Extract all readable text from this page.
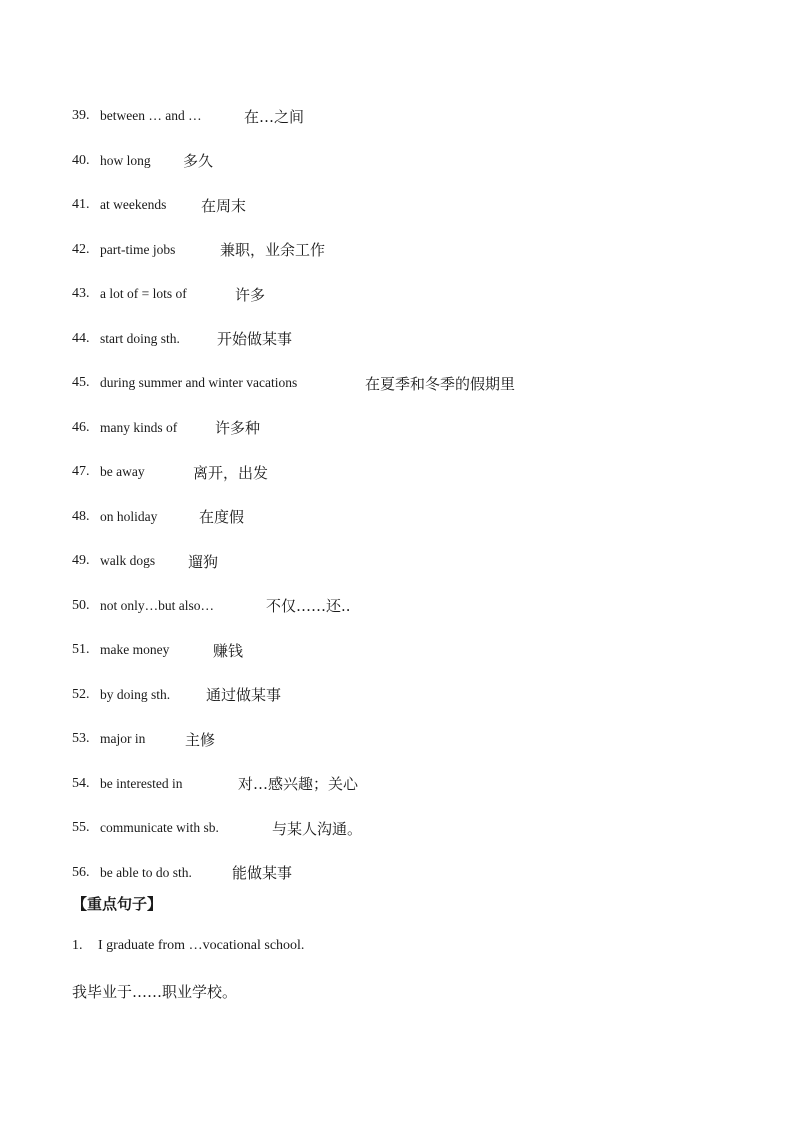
39. between … and …	在…之间
40. how long	多久
41. at weekends	在周末
42. part-time jobs	兼职，业余工作
43. a lot of = lots of	许多
44. start doing sth.	开始做某事
45. during summer and winter vacations	在夏季和冬季的假期里
46. many kinds of	许多种
47. be away	离开，出发
48. on holiday	在度假
49. walk dogs	遛狗
50. not only…but also…	不仅……还..
51. make money	赚钱
52. by doing sth.	通过做某事
53. major in	主修
54. be interested in	对…感兴趣；关心
55. communicate with sb.	与某人沟通。
56. be able to do sth.	能做某事
【重点句子】
1. I graduate from …vocational school.
我毕业于……职业学校。
